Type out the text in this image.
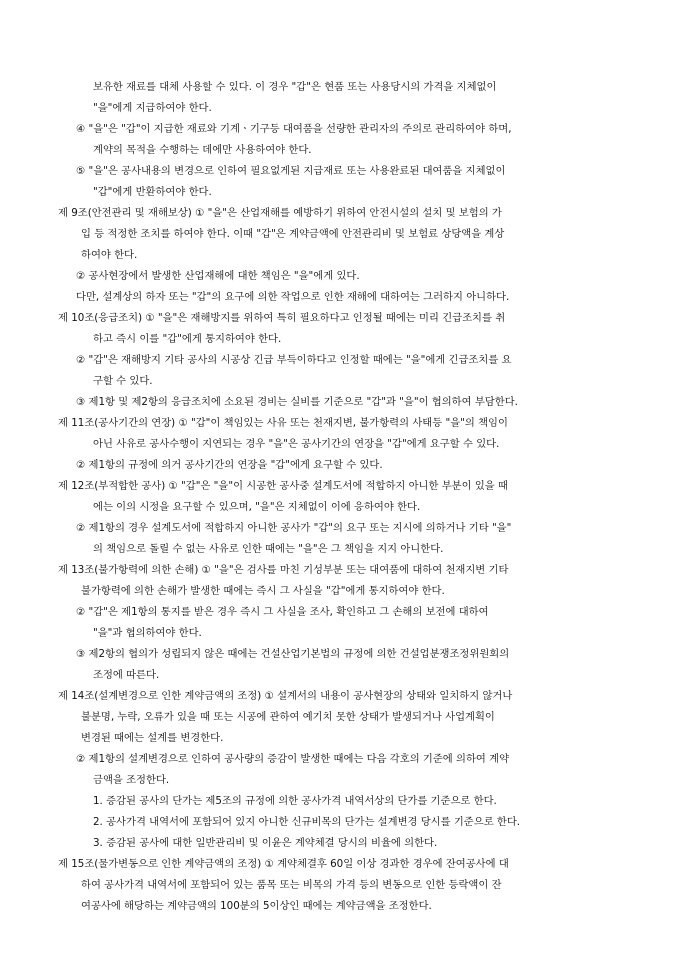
보유한 재료를 대체 사용할 수 있다. 이 경우 "갑"은 현품 또는 사용당시의 가격을 지체없이
"을"에게 지급하여야 한다.
④ "을"은 "갑"이 지급한 재료와 기계ㆍ기구등 대여품을 선량한 관리자의 주의로 관리하여야 하며,
계약의 목적을 수행하는 데에만 사용하여야 한다.
⑤ "을"은 공사내용의 변경으로 인하여 필요없게된 지급재료 또는 사용완료된 대여품을 지체없이
"갑"에게 반환하여야 한다.
제 9조(안전관리 및 재해보상) ① "을"은 산업재해를 예방하기 위하여 안전시설의 설치 및 보험의 가
입 등 적정한 조치를 하여야 한다. 이때 "갑"은 계약금액에 안전관리비 및 보험료 상당액을 계상
하여야 한다.
② 공사현장에서 발생한 산업재해에 대한 책임은 "을"에게 있다.
다만, 설계상의 하자 또는 "갑"의 요구에 의한 작업으로 인한 재해에 대하여는 그러하지 아니하다.
제 10조(응급조치) ① "을"은 재해방지를 위하여 특히 필요하다고 인정될 때에는 미리 긴급조치를 취
하고 즉시 이를 "갑"에게 통지하여야 한다.
② "갑"은 재해방지 기타 공사의 시공상 긴급 부득이하다고 인정할 때에는 "을"에게 긴급조치를 요
구할 수 있다.
③ 제1항 및 제2항의 응급조치에 소요된 경비는 실비를 기준으로 "갑"과 "을"이 협의하여 부담한다.
제 11조(공사기간의 연장) ① "갑"이 책임있는 사유 또는 천재지변, 불가항력의 사태등 "을"의 책임이
아닌 사유로 공사수행이 지연되는 경우 "을"은 공사기간의 연장을 "갑"에게 요구할 수 있다.
② 제1항의 규정에 의거 공사기간의 연장을 "갑"에게 요구할 수 있다.
제 12조(부적합한 공사) ① "갑"은 "을"이 시공한 공사중 설계도서에 적합하지 아니한 부분이 있을 때
에는 이의 시정을 요구할 수 있으며, "을"은 지체없이 이에 응하여야 한다.
② 제1항의 경우 설계도서에 적합하지 아니한 공사가 "갑"의 요구 또는 지시에 의하거나 기타 "을"
의 책임으로 돌릴 수 없는 사유로 인한 때에는 "을"은 그 책임을 지지 아니한다.
제 13조(불가항력에 의한 손해) ① "을"은 검사를 마친 기성부분 또는 대여품에 대하여 천재지변 기타
불가항력에 의한 손해가 발생한 때에는 즉시 그 사실을 "갑"에게 통지하여야 한다.
② "갑"은 제1항의 통지를 받은 경우 즉시 그 사실을 조사, 확인하고 그 손해의 보전에 대하여
"을"과 협의하여야 한다.
③ 제2항의 협의가 성립되지 않은 때에는 건설산업기본법의 규정에 의한 건설업분쟁조정위원회의
조정에 따른다.
제 14조(설계변경으로 인한 계약금액의 조정) ① 설계서의 내용이 공사현장의 상태와 일치하지 않거나
불분명, 누락, 오류가 있을 때 또는 시공에 관하여 예기치 못한 상태가 발생되거나 사업계획이
변경된 때에는 설계를 변경한다.
② 제1항의 설계변경으로 인하여 공사량의 증감이 발생한 때에는 다음 각호의 기준에 의하여 계약
금액을 조정한다.
1. 증감된 공사의 단가는 제5조의 규정에 의한 공사가격 내역서상의 단가를 기준으로 한다.
2. 공사가격 내역서에 포함되어 있지 아니한 신규비목의 단가는 설계변경 당시를 기준으로 한다.
3. 증감된 공사에 대한 일반관리비 및 이윤은 계약체결 당시의 비율에 의한다.
제 15조(물가변동으로 인한 계약금액의 조정) ① 계약체결후 60일 이상 경과한 경우에 잔여공사에 대
하여 공사가격 내역서에 포함되어 있는 품목 또는 비목의 가격 등의 변동으로 인한 등락액이 잔
여공사에 해당하는 계약금액의 100분의 5이상인 때에는 계약금액을 조정한다.
